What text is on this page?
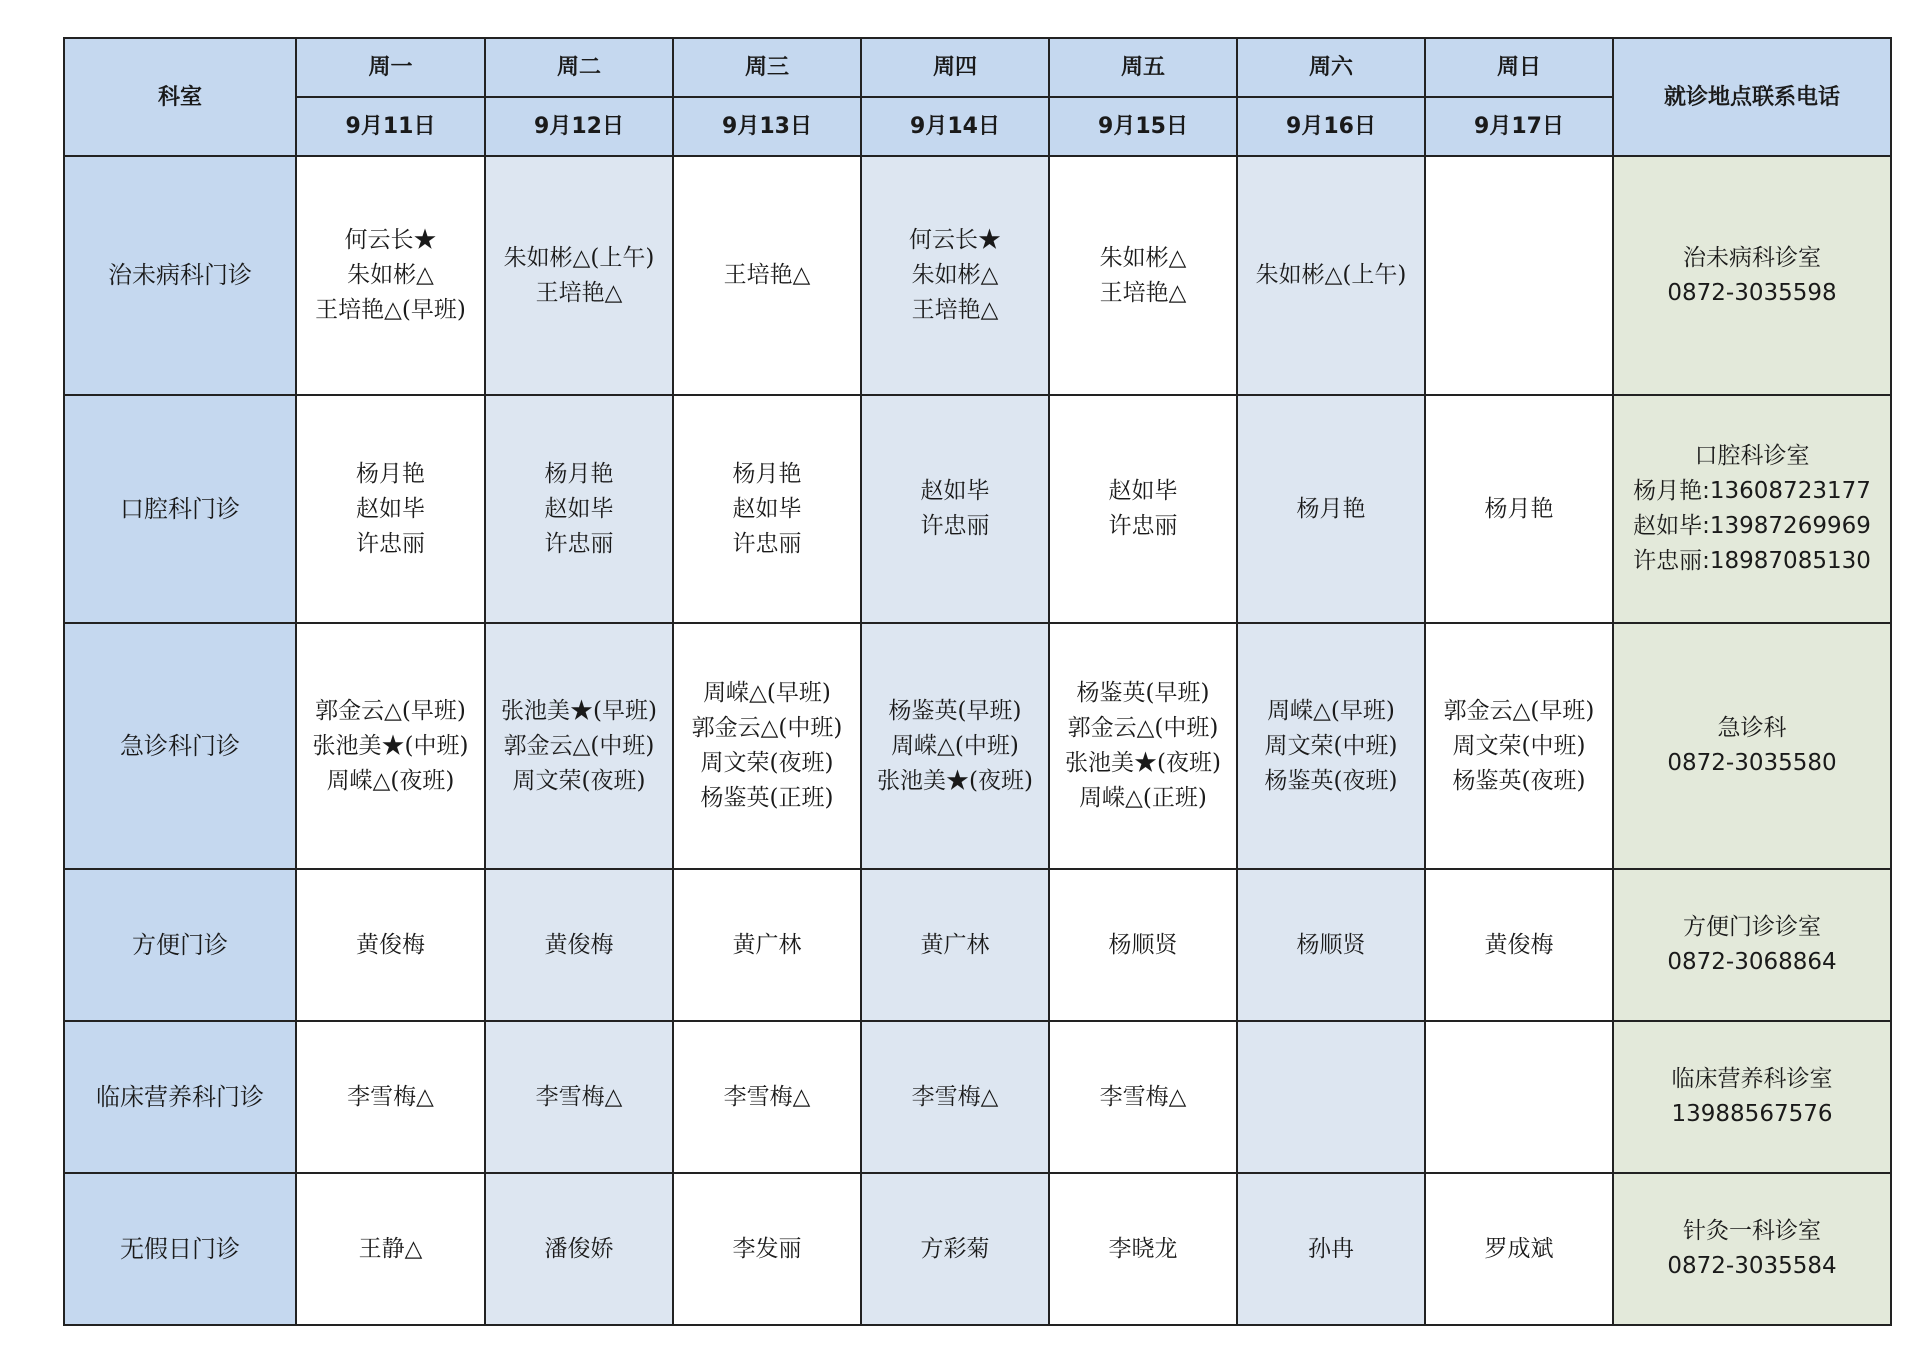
科室	周一	周二	周三	周四	周五	周六	周日	就诊地点联系电话
	9月11日	9月12日	9月13日	9月14日	9月15日	9月16日	9月17日	
治未病科门诊	何云长★
朱如彬△
王培艳△(早班)	朱如彬△(上午)
王培艳△	王培艳△	何云长★
朱如彬△
王培艳△	朱如彬△
王培艳△	朱如彬△(上午)		治未病科诊室
0872-3035598

口腔科门诊	杨月艳
赵如毕
许忠丽	杨月艳
赵如毕
许忠丽	杨月艳
赵如毕
许忠丽	赵如毕
许忠丽	赵如毕
许忠丽	杨月艳	杨月艳	口腔科诊室
杨月艳:13608723177
赵如毕:13987269969
许忠丽:18987085130

急诊科门诊	郭金云△(早班)
张池美★(中班)
周嵘△(夜班)	张池美★(早班)
郭金云△(中班)
周文荣(夜班)	周嵘△(早班)
郭金云△(中班)
周文荣(夜班)
杨鉴英(正班)	杨鉴英(早班)
周嵘△(中班)
张池美★(夜班)	杨鉴英(早班)
郭金云△(中班)
张池美★(夜班)
周嵘△(正班)	周嵘△(早班)
周文荣(中班)
杨鉴英(夜班)	郭金云△(早班)
周文荣(中班)
杨鉴英(夜班)	急诊科
0872-3035580

方便门诊	黄俊梅	黄俊梅	黄广林	黄广林	杨顺贤	杨顺贤	黄俊梅	方便门诊诊室
0872-3068864

临床营养科门诊	李雪梅△	李雪梅△	李雪梅△	李雪梅△	李雪梅△			临床营养科诊室
13988567576

无假日门诊	王静△	潘俊娇	李发丽	方彩菊	李晓龙	孙冉	罗成斌	针灸一科诊室
0872-3035584
